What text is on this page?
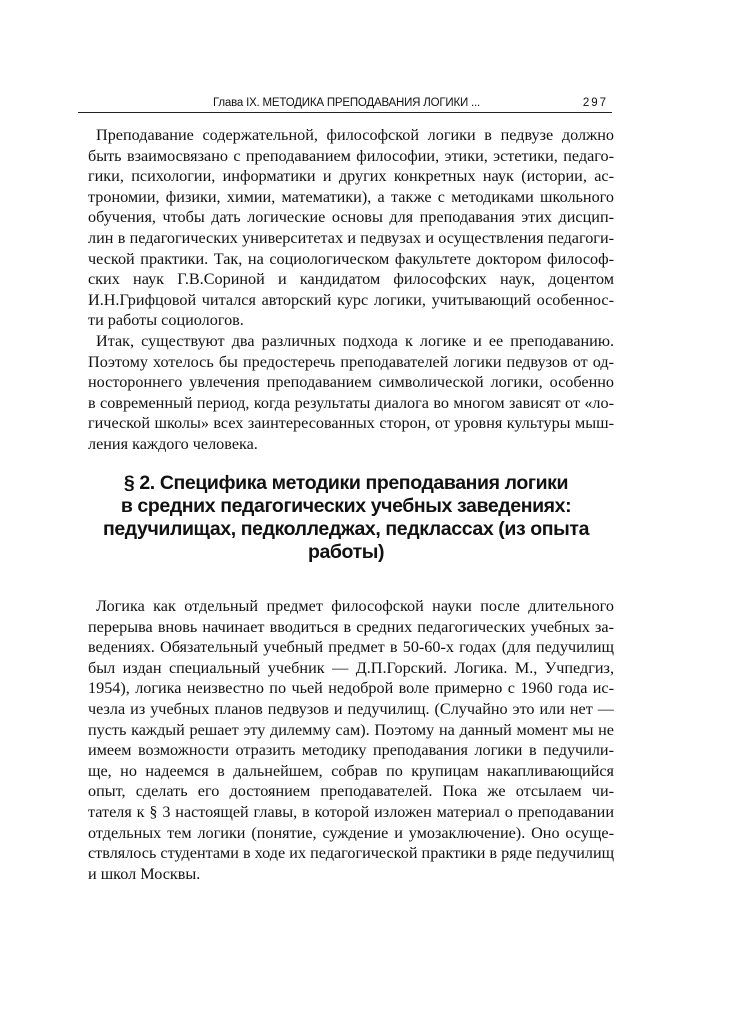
Глава IX. МЕТОДИКА ПРЕПОДАВАНИЯ ЛОГИКИ ...	297
Преподавание содержательной, философской логики в педвузе должно
быть взаимосвязано с преподаванием философии, этики, эстетики, педаго-
гики, психологии, информатики и других конкретных наук (истории, ас-
трономии, физики, химии, математики), а также с методиками школьного
обучения, чтобы дать логические основы для преподавания этих дисцип-
лин в педагогических университетах и педвузах и осуществления педагоги-
ческой практики. Так, на социологическом факультете доктором философ-
ских наук Г.В.Сориной и кандидатом философских наук, доцентом
И.Н.Грифцовой читался авторский курс логики, учитывающий особеннос-
ти работы социологов.
Итак, существуют два различных подхода к логике и ее преподаванию.
Поэтому хотелось бы предостеречь преподавателей логики педвузов от од-
ностороннего увлечения преподаванием символической логики, особенно
в современный период, когда результаты диалога во многом зависят от «ло-
гической школы» всех заинтересованных сторон, от уровня культуры мыш-
ления каждого человека.
§ 2. Специфика методики преподавания логики
в средних педагогических учебных заведениях:
педучилищах, педколледжах, педклассах (из опыта
работы)
Логика как отдельный предмет философской науки после длительного
перерыва вновь начинает вводиться в средних педагогических учебных за-
ведениях. Обязательный учебный предмет в 50-60-х годах (для педучилищ
был издан специальный учебник — Д.П.Горский. Логика. М., Учпедгиз,
1954), логика неизвестно по чьей недоброй воле примерно с 1960 года ис-
чезла из учебных планов педвузов и педучилищ. (Случайно это или нет —
пусть каждый решает эту дилемму сам). Поэтому на данный момент мы не
имеем возможности отразить методику преподавания логики в педучили-
ще, но надеемся в дальнейшем, собрав по крупицам накапливающийся
опыт, сделать его достоянием преподавателей. Пока же отсылаем чи-
тателя к § 3 настоящей главы, в которой изложен материал о преподавании
отдельных тем логики (понятие, суждение и умозаключение). Оно осуще-
ствлялось студентами в ходе их педагогической практики в ряде педучилищ
и школ Москвы.
